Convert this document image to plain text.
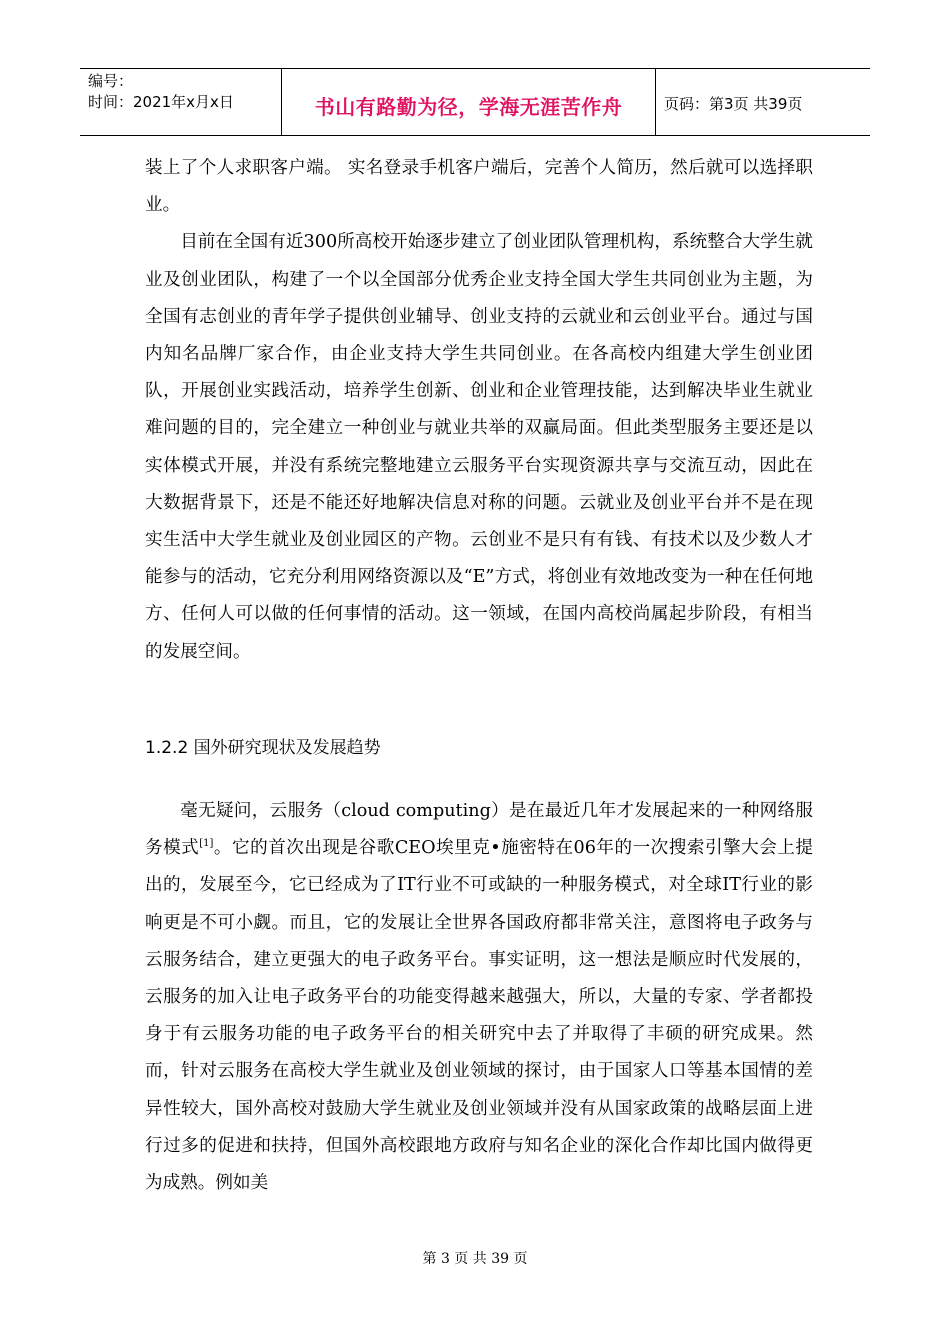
编号：
时间：2021年x月x日	书山有路勤为径，学海无涯苦作舟	页码：第3页 共39页

装上了个人求职客户端。 实名登录手机客户端后，完善个人简历，然后就可以选择职业。

目前在全国有近300所高校开始逐步建立了创业团队管理机构，系统整合大学生就业及创业团队，构建了一个以全国部分优秀企业支持全国大学生共同创业为主题，为全国有志创业的青年学子提供创业辅导、创业支持的云就业和云创业平台。通过与国内知名品牌厂家合作，由企业支持大学生共同创业。在各高校内组建大学生创业团队，开展创业实践活动，培养学生创新、创业和企业管理技能，达到解决毕业生就业难问题的目的，完全建立一种创业与就业共举的双赢局面。但此类型服务主要还是以实体模式开展，并没有系统完整地建立云服务平台实现资源共享与交流互动，因此在大数据背景下，还是不能还好地解决信息对称的问题。云就业及创业平台并不是在现实生活中大学生就业及创业园区的产物。云创业不是只有有钱、有技术以及少数人才能参与的活动，它充分利用网络资源以及“E”方式，将创业有效地改变为一种在任何地方、任何人可以做的任何事情的活动。这一领域，在国内高校尚属起步阶段，有相当的发展空间。

1.2.2 国外研究现状及发展趋势

毫无疑问，云服务（cloud computing）是在最近几年才发展起来的一种网络服务模式[1]。它的首次出现是谷歌CEO埃里克•施密特在06年的一次搜索引擎大会上提出的，发展至今，它已经成为了IT行业不可或缺的一种服务模式，对全球IT行业的影响更是不可小觑。而且，它的发展让全世界各国政府都非常关注，意图将电子政务与云服务结合，建立更强大的电子政务平台。事实证明，这一想法是顺应时代发展的，云服务的加入让电子政务平台的功能变得越来越强大，所以，大量的专家、学者都投身于有云服务功能的电子政务平台的相关研究中去了并取得了丰硕的研究成果。然而，针对云服务在高校大学生就业及创业领域的探讨，由于国家人口等基本国情的差异性较大，国外高校对鼓励大学生就业及创业领域并没有从国家政策的战略层面上进行过多的促进和扶持，但国外高校跟地方政府与知名企业的深化合作却比国内做得更为成熟。例如美

第 3 页 共 39 页
